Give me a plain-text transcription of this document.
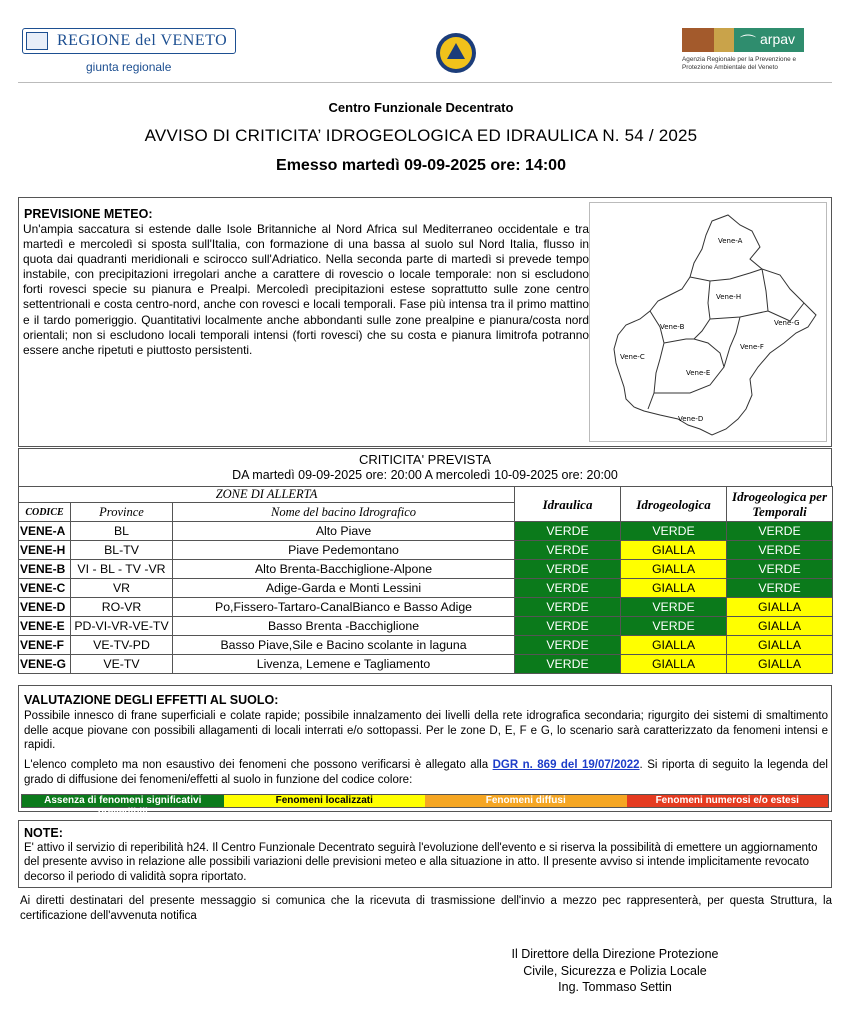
REGIONE del VENETO
giunta regionale
⌒ arpav
Agenzia Regionale per la Prevenzione e Protezione Ambientale del Veneto
Centro Funzionale Decentrato
AVVISO DI CRITICITA’ IDROGEOLOGICA ED IDRAULICA N. 54 / 2025
Emesso martedì 09-09-2025 ore: 14:00
PREVISIONE METEO:
Un'ampia saccatura si estende dalle Isole Britanniche al Nord Africa sul Mediterraneo occidentale e tra martedì e mercoledì si sposta sull'Italia, con formazione di una bassa al suolo sul Nord Italia, flusso in quota dai quadranti meridionali e scirocco sull'Adriatico. Nella seconda parte di martedì si prevede tempo instabile, con precipitazioni irregolari anche a carattere di rovescio o locale temporale: non si escludono forti rovesci specie su pianura e Prealpi. Mercoledì precipitazioni estese soprattutto sulle zone centro settentrionali e costa centro-nord, anche con rovesci e locali temporali. Fase più intensa tra il primo mattino e il tardo pomeriggio. Quantitativi localmente anche abbondanti sulle zone prealpine e pianura/costa nord orientali; non si escludono locali temporali intensi (forti rovesci) che su costa e pianura limitrofa potranno essere anche ripetuti e piuttosto persistenti.
Vene-A
Vene-H
Vene-G
Vene-B
Vene-F
Vene-C
Vene-E
Vene-D
CRITICITA' PREVISTA
DA martedì 09-09-2025 ore: 20:00 A mercoledì 10-09-2025 ore: 20:00
ZONE DI ALLERTA			Idraulica	Idrogeologica	Idrogeologica per Temporali
CODICE	Province	Nome del bacino Idrografico			
VENE-A	BL	Alto Piave	VERDE	VERDE	VERDE
VENE-H	BL-TV	Piave Pedemontano	VERDE	GIALLA	VERDE
VENE-B	VI - BL - TV -VR	Alto Brenta-Bacchiglione-Alpone	VERDE	GIALLA	VERDE
VENE-C	VR	Adige-Garda e Monti Lessini	VERDE	GIALLA	VERDE
VENE-D	RO-VR	Po,Fissero-Tartaro-CanalBianco e Basso Adige	VERDE	VERDE	GIALLA
VENE-E	PD-VI-VR-VE-TV	Basso Brenta -Bacchiglione	VERDE	VERDE	GIALLA
VENE-F	VE-TV-PD	Basso Piave,Sile e Bacino scolante in laguna	VERDE	GIALLA	GIALLA
VENE-G	VE-TV	Livenza, Lemene e Tagliamento	VERDE	GIALLA	GIALLA
VALUTAZIONE DEGLI EFFETTI AL SUOLO:
Possibile innesco di frane superficiali e colate rapide; possibile innalzamento dei livelli della rete idrografica secondaria; rigurgito dei sistemi di smaltimento delle acque piovane con possibili allagamenti di locali interrati e/o sottopassi. Per le zone D, E, F e G, lo scenario sarà caratterizzato da fenomeni intensi e rapidi.
L'elenco completo ma non esaustivo dei fenomeni che possono verificarsi è allegato alla DGR n. 869 del 19/07/2022. Si riporta di seguito la legenda del grado di diffusione dei fenomeni/effetti al suolo in funzione del codice colore:
Assenza di fenomeni significativi prevedibili
Fenomeni localizzati	Fenomeni diffusi	Fenomeni numerosi e/o estesi
NOTE:
E' attivo il servizio di reperibilità h24. Il Centro Funzionale Decentrato seguirà l'evoluzione dell'evento e si riserva la possibilità di emettere un aggiornamento del presente avviso in relazione alle possibili variazioni delle previsioni meteo e alla situazione in atto. Il presente avviso si intende implicitamente revocato decorso il periodo di validità sopra riportato.
Ai diretti destinatari del presente messaggio si comunica che la ricevuta di trasmissione dell'invio a mezzo pec rappresenterà, per questa Struttura, la certificazione dell'avvenuta notifica
Il Direttore della Direzione Protezione
Civile, Sicurezza e Polizia Locale
Ing. Tommaso Settin
